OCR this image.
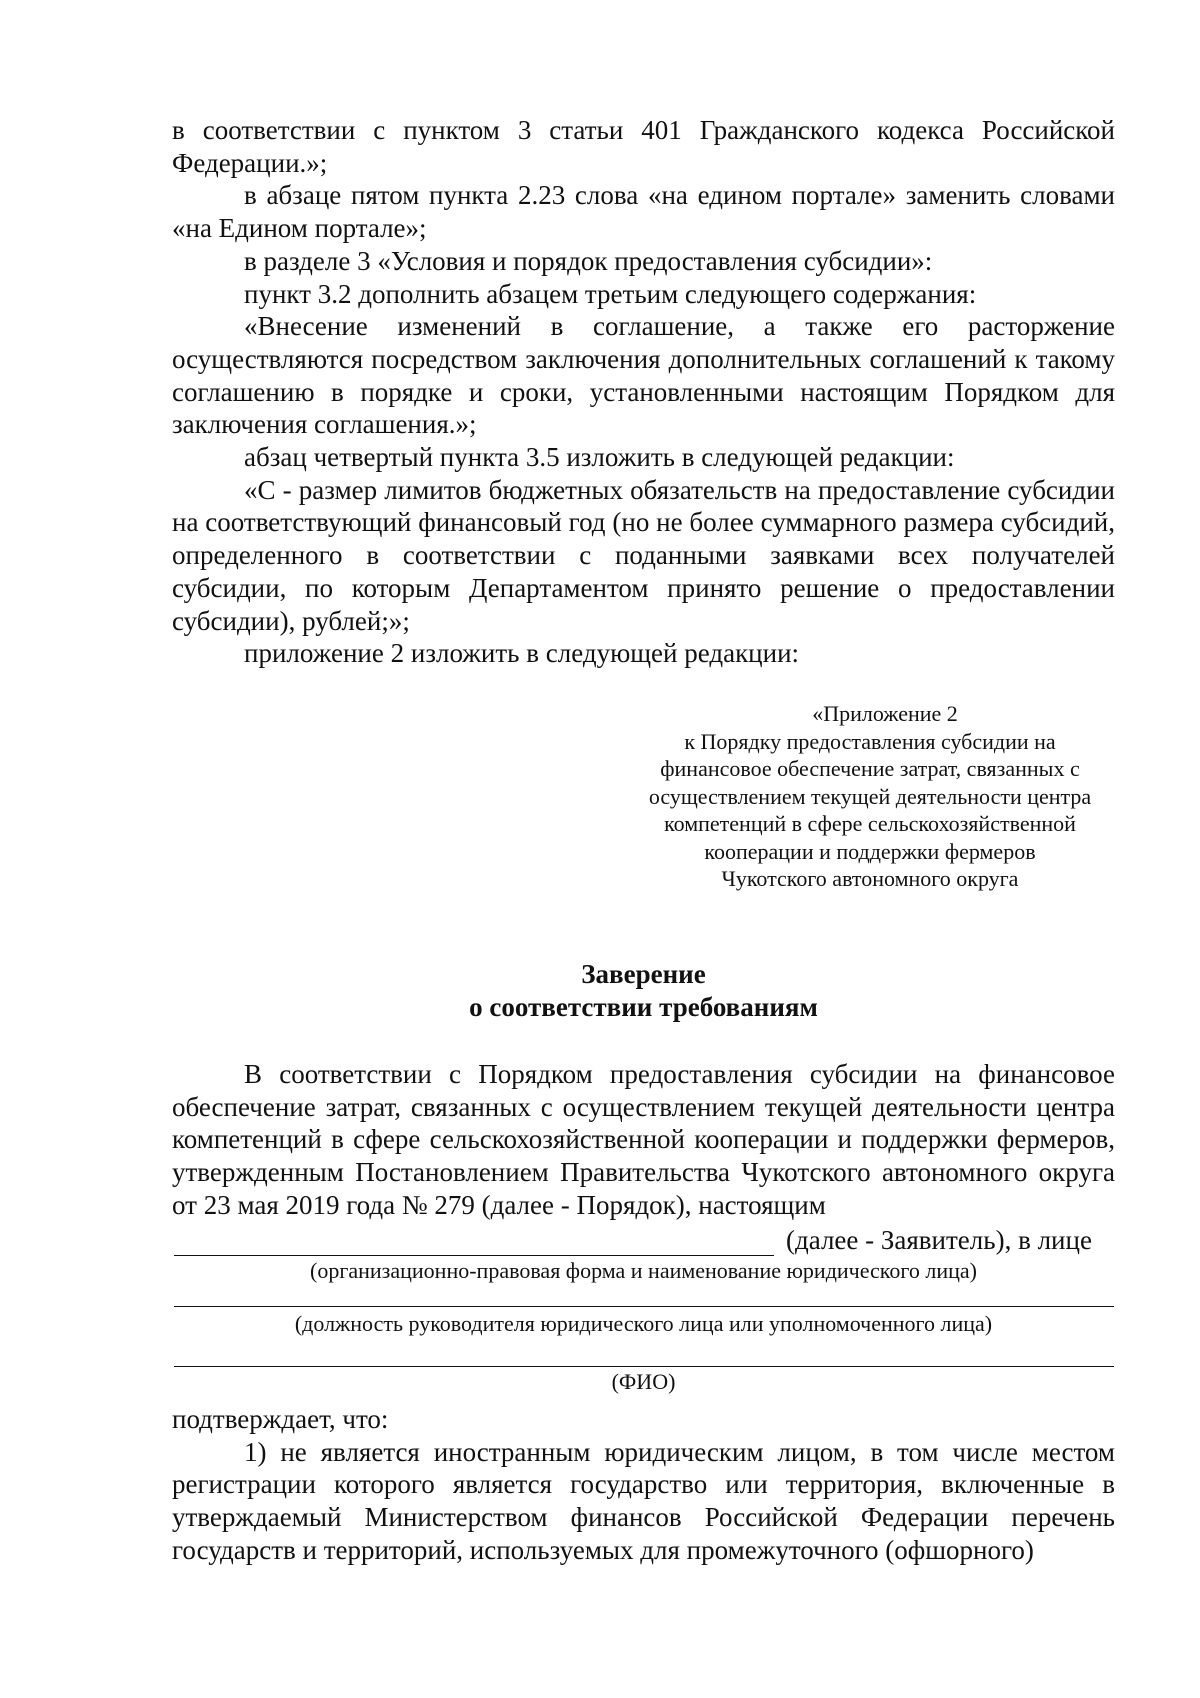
в соответствии с пунктом 3 статьи 401 Гражданского кодекса Российской Федерации.»;

в абзаце пятом пункта 2.23 слова «на едином портале» заменить словами «на Едином портале»;

в разделе 3 «Условия и порядок предоставления субсидии»:

пункт 3.2 дополнить абзацем третьим следующего содержания:

«Внесение изменений в соглашение, а также его расторжение осуществляются посредством заключения дополнительных соглашений к такому соглашению в порядке и сроки, установленными настоящим Порядком для заключения соглашения.»;

абзац четвертый пункта 3.5 изложить в следующей редакции:

«С - размер лимитов бюджетных обязательств на предоставление субсидии на соответствующий финансовый год (но не более суммарного размера субсидий, определенного в соответствии с поданными заявками всех получателей субсидии, по которым Департаментом принято решение о предоставлении субсидии), рублей;»;

приложение 2 изложить в следующей редакции:

«Приложение 2
к Порядку предоставления субсидии на
финансовое обеспечение затрат, связанных с
осуществлением текущей деятельности центра
компетенций в сфере сельскохозяйственной
кооперации и поддержки фермеров
Чукотского автономного округа
Заверение
о соответствии требованиям

В соответствии с Порядком предоставления субсидии на финансовое обеспечение затрат, связанных с осуществлением текущей деятельности центра компетенций в сфере сельскохозяйственной кооперации и поддержки фермеров, утвержденным Постановлением Правительства Чукотского автономного округа от 23 мая 2019 года № 279 (далее - Порядок), настоящим

(далее - Заявитель), в лице
(организационно-правовая форма и наименование юридического лица)
(должность руководителя юридического лица или уполномоченного лица)
(ФИО)

подтверждает, что:

1) не является иностранным юридическим лицом, в том числе местом регистрации которого является государство или территория, включенные в утверждаемый Министерством финансов Российской Федерации перечень государств и территорий, используемых для промежуточного (офшорного)
